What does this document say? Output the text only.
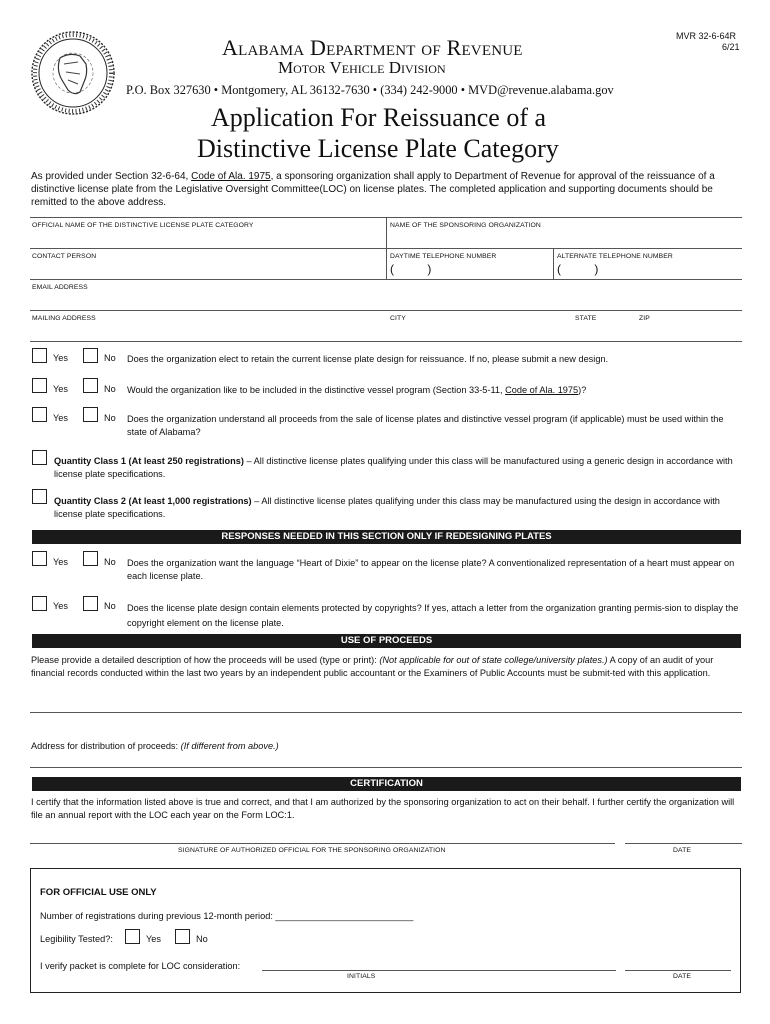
Alabama Department of Revenue
Motor Vehicle Division
P.O. Box 327630 • Montgomery, AL 36132-7630 • (334) 242-9000 • MVD@revenue.alabama.gov
MVR 32-6-64R
6/21
Application For Reissuance of a
Distinctive License Plate Category
As provided under Section 32-6-64, Code of Ala. 1975, a sponsoring organization shall apply to Department of Revenue for approval of the reissuance of a distinctive license plate from the Legislative Oversight Committee(LOC) on license plates. The completed application and supporting documents should be remitted to the above address.
OFFICIAL NAME OF THE DISTINCTIVE LICENSE PLATE CATEGORY	NAME OF THE SPONSORING ORGANIZATION
CONTACT PERSON	DAYTIME TELEPHONE NUMBER	ALTERNATE TELEPHONE NUMBER
(          )	(          )
EMAIL ADDRESS
MAILING ADDRESS	CITY	STATE	ZIP
Yes	No Does the organization elect to retain the current license plate design for reissuance. If no, please submit a new design.
Yes	No Would the organization like to be included in the distinctive vessel program (Section 33-5-11, Code of Ala. 1975)?
Yes	No Does the organization understand all proceeds from the sale of license plates and distinctive vessel program (if applicable) must be used within the state of Alabama?
Quantity Class 1 (At least 250 registrations) – All distinctive license plates qualifying under this class will be manufactured using a generic design in accordance with license plate specifications.
Quantity Class 2 (At least 1,000 registrations) – All distinctive license plates qualifying under this class may be manufactured using the design in accordance with license plate specifications.
RESPONSES NEEDED IN THIS SECTION ONLY IF REDESIGNING PLATES
Yes	No Does the organization want the language “Heart of Dixie” to appear on the license plate? A conventionalized representation of a heart must appear on each license plate.
Yes	No Does the license plate design contain elements protected by copyrights? If yes, attach a letter from the organization granting permis-sion to display the copyright element on the license plate.
USE OF PROCEEDS
Please provide a detailed description of how the proceeds will be used (type or print): (Not applicable for out of state college/university plates.) A copy of an audit of your financial records conducted within the last two years by an independent public accountant or the Examiners of Public Accounts must be submit-ted with this application.
Address for distribution of proceeds: (If different from above.)
CERTIFICATION
I certify that the information listed above is true and correct, and that I am authorized by the sponsoring organization to act on their behalf. I further certify the organization will file an annual report with the LOC each year on the Form LOC:1.
SIGNATURE OF AUTHORIZED OFFICIAL FOR THE SPONSORING ORGANIZATION	DATE
FOR OFFICIAL USE ONLY
Number of registrations during previous 12-month period: ___________________________
Legibility Tested?:	Yes	No
I verify packet is complete for LOC consideration:
INITIALS	DATE
